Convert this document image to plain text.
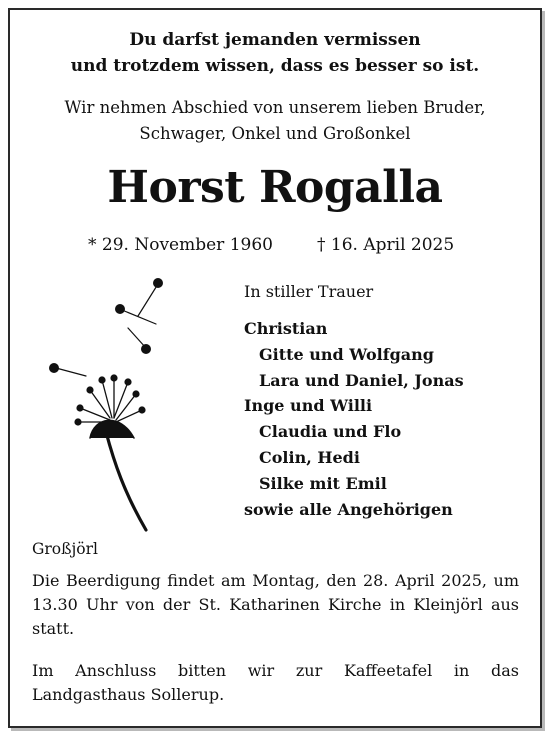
Du darfst jemanden vermissen
und trotzdem wissen, dass es besser so ist.
Wir nehmen Abschied von unserem lieben Bruder,
Schwager, Onkel und Großonkel
Horst Rogalla
* 29. November 1960	† 16. April 2025
In stiller Trauer
Christian
Gitte und Wolfgang
Lara und Daniel, Jonas
Inge und Willi
Claudia und Flo
Colin, Hedi
Silke mit Emil
sowie alle Angehörigen
Großjörl
Die Beerdigung findet am Montag, den 28. April 2025, um 13.30 Uhr von der St. Katharinen Kirche in Kleinjörl aus statt.
Im Anschluss bitten wir zur Kaffeetafel in das Landgasthaus Sollerup.
